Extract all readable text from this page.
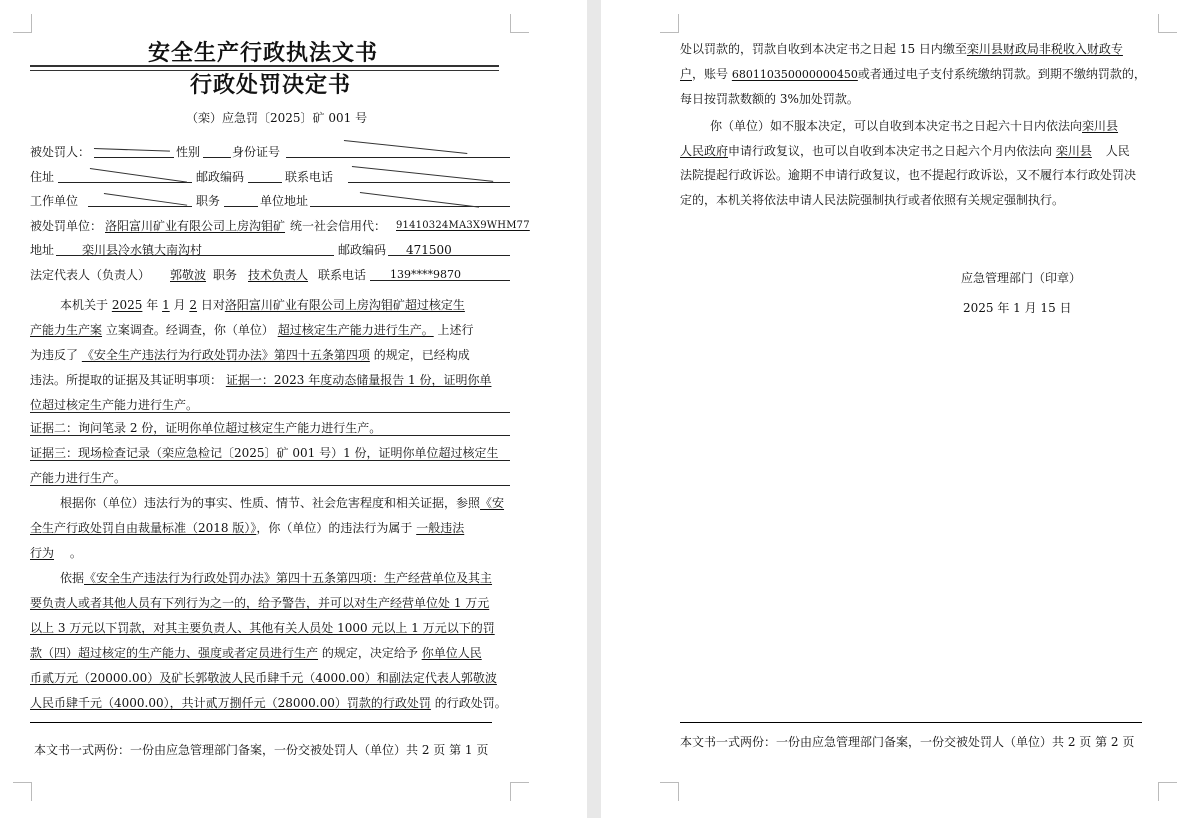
安全生产行政执法文书
行政处罚决定书
（栾）应急罚〔2025〕矿 001 号
被处罚人：	性别	身份证号
住址	邮政编码	联系电话
工作单位	职务	单位地址
被处罚单位： 洛阳富川矿业有限公司上房沟钼矿 统一社会信用代： 91410324MA3X9WHM77
地址 栾川县冷水镇大南沟村	邮政编码 471500
法定代表人（负责人） 郭敬波 职务 技术负责人 联系电话 139****9870
本机关于 2025 年 1 月 2 日对洛阳富川矿业有限公司上房沟钼矿超过核定生
产能力生产案 立案调查。经调查，你（单位） 超过核定生产能力进行生产。 上述行
为违反了 《安全生产违法行为行政处罚办法》第四十五条第四项 的规定，已经构成
违法。所提取的证据及其证明事项： 证据一：2023 年度动态储量报告 1 份，证明你单
位超过核定生产能力进行生产。
证据二：询问笔录 2 份，证明你单位超过核定生产能力进行生产。
证据三：现场检查记录（栾应急检记〔2025〕矿 001 号）1 份，证明你单位超过核定生
产能力进行生产。
根据你（单位）违法行为的事实、性质、情节、社会危害程度和相关证据，参照《安
全生产行政处罚自由裁量标准（2018 版）》，你（单位）的违法行为属于 一般违法
行为 。
依据《安全生产违法行为行政处罚办法》第四十五条第四项：生产经营单位及其主
要负责人或者其他人员有下列行为之一的，给予警告，并可以对生产经营单位处 1 万元
以上 3 万元以下罚款，对其主要负责人、其他有关人员处 1000 元以上 1 万元以下的罚
款（四）超过核定的生产能力、强度或者定员进行生产 的规定，决定给予 你单位人民
币贰万元（20000.00）及矿长郭敬波人民币肆千元（4000.00）和副法定代表人郭敬波
人民币肆千元（4000.00），共计贰万捌仟元（28000.00）罚款的行政处罚 的行政处罚。
本文书一式两份：一份由应急管理部门备案，一份交被处罚人（单位）共 2 页 第 1 页
处以罚款的，罚款自收到本决定书之日起 15 日内缴至栾川县财政局非税收入财政专
户，账号 680110350000000450或者通过电子支付系统缴纳罚款。到期不缴纳罚款的，
每日按罚款数额的 3%加处罚款。
你（单位）如不服本决定，可以自收到本决定书之日起六十日内依法向栾川县
人民政府申请行政复议，也可以自收到本决定书之日起六个月内依法向 栾川县 人民
法院提起行政诉讼。逾期不申请行政复议，也不提起行政诉讼，又不履行本行政处罚决
定的，本机关将依法申请人民法院强制执行或者依照有关规定强制执行。
应急管理部门（印章）
2025 年 1 月 15 日
本文书一式两份：一份由应急管理部门备案，一份交被处罚人（单位）共 2 页 第 2 页
